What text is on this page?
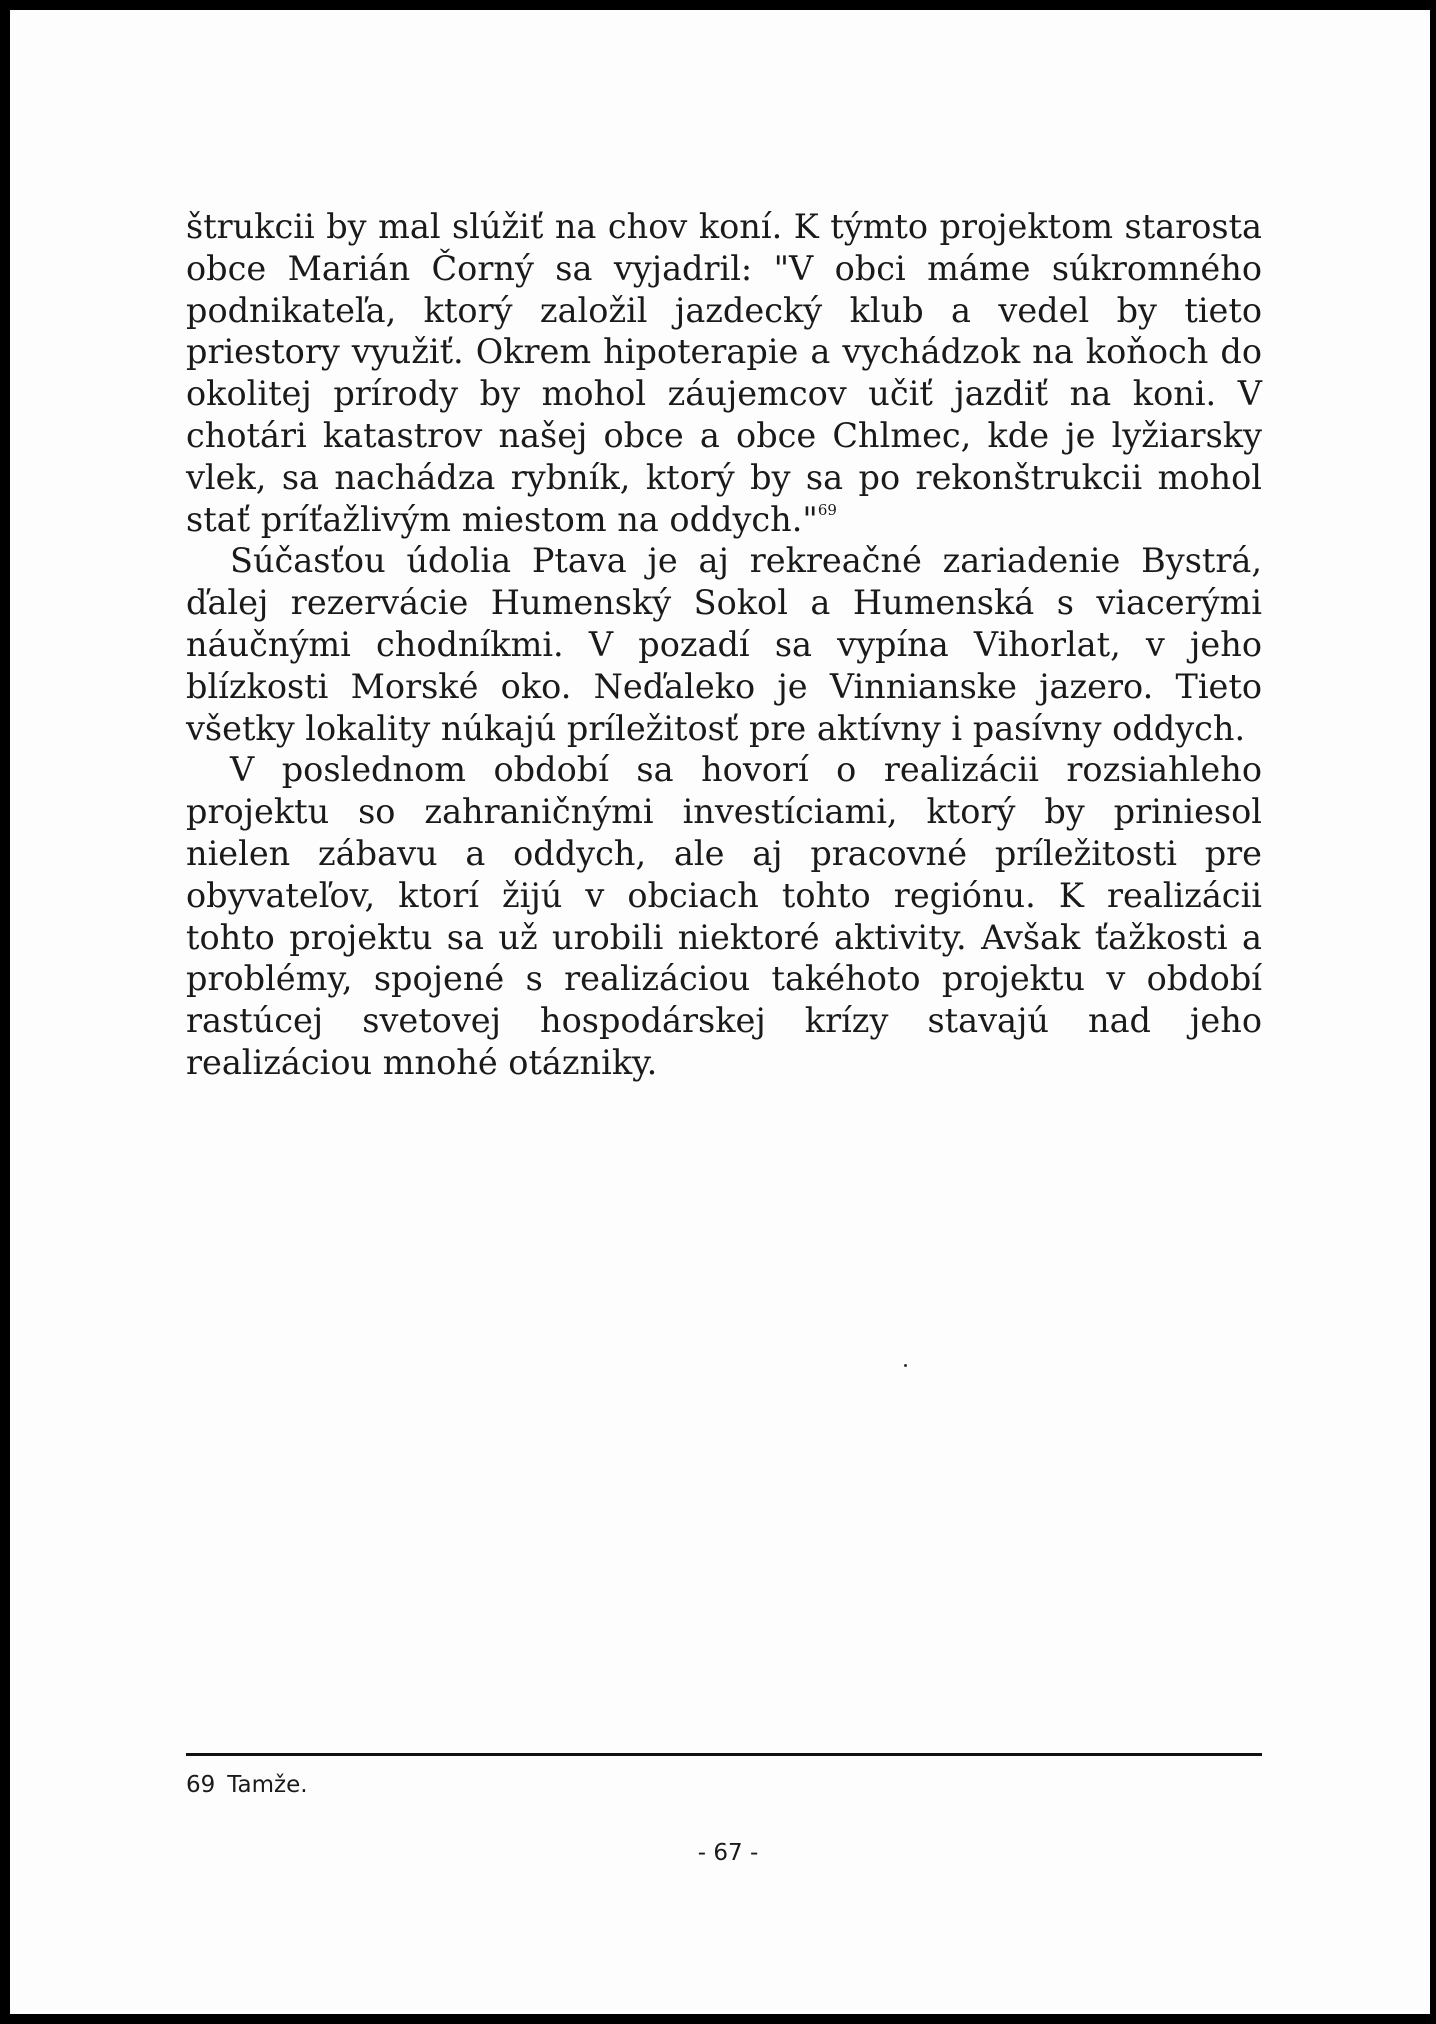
štrukcii by mal slúžiť na chov koní. K týmto projektom starosta obce Marián Čorný sa vyjadril: "V obci máme súkromného podnikateľa, ktorý založil jazdecký klub a vedel by tieto priestory využiť. Okrem hipoterapie a vychádzok na koňoch do okolitej prírody by mohol záujemcov učiť jazdiť na koni. V chotári katastrov našej obce a obce Chlmec, kde je lyžiarsky vlek, sa nachádza rybník, ktorý by sa po rekonštrukcii mohol stať príťažlivým miestom na oddych."$^{69}$

Súčasťou údolia Ptava je aj rekreačné zariadenie Bystrá, ďalej rezervácie Humenský Sokol a Humenská s viacerými náučnými chodníkmi. V pozadí sa vypína Vihorlat, v jeho blízkosti Morské oko. Neďaleko je Vinnianske jazero. Tieto všetky lokality núkajú príležitosť pre aktívny i pasívny oddych.

V poslednom období sa hovorí o realizácii rozsiahleho projektu so zahraničnými investíciami, ktorý by priniesol nielen zábavu a oddych, ale aj pracovné príležitosti pre obyvateľov, ktorí žijú v obciach tohto regiónu. K realizácii tohto projektu sa už urobili niektoré aktivity. Avšak ťažkosti a problémy, spojené s realizáciou takéhoto projektu v období rastúcej svetovej hospodárskej krízy stavajú nad jeho realizáciou mnohé otázniky.

69 Tamže.
- 67 -
